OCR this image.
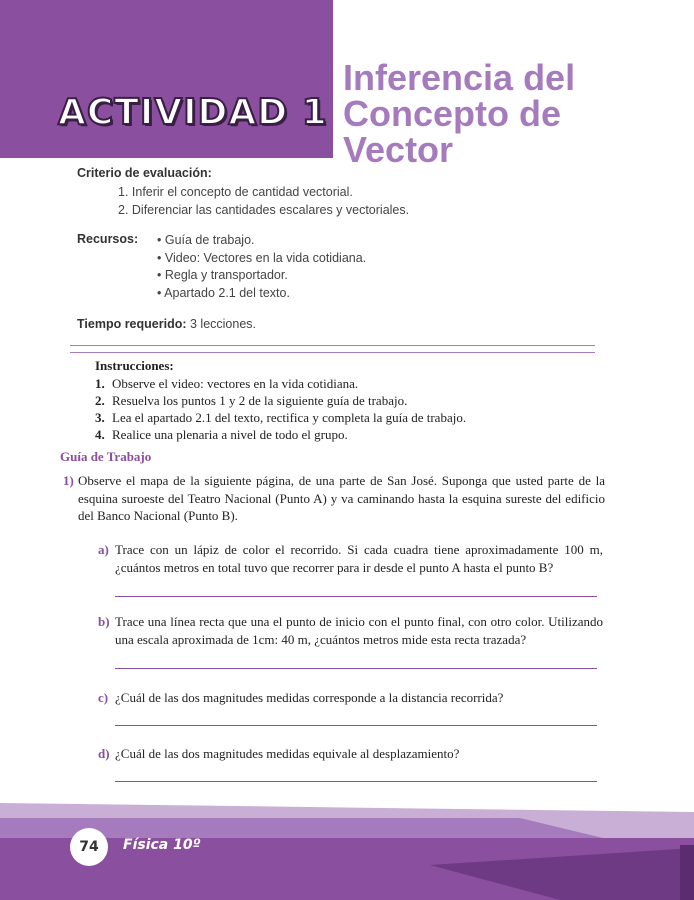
ACTIVIDAD 1
Inferencia del
Concepto de
Vector
Criterio de evaluación:
1. Inferir el concepto de cantidad vectorial.
2. Diferenciar las cantidades escalares y vectoriales.
Recursos:	• Guía de trabajo.
• Video: Vectores en la vida cotidiana.
• Regla y transportador.
• Apartado 2.1 del texto.
Tiempo requerido: 3 lecciones.
Instrucciones:
1. Observe el video: vectores en la vida cotidiana.
2. Resuelva los puntos 1 y 2 de la siguiente guía de trabajo.
3. Lea el apartado 2.1 del texto, rectifica y completa la guía de trabajo.
4. Realice una plenaria a nivel de todo el grupo.
Guía de Trabajo
1) Observe el mapa de la siguiente página, de una parte de San José. Suponga que usted parte de la esquina suroeste del Teatro Nacional (Punto A) y va caminando hasta la esquina sureste del edificio del Banco Nacional (Punto B).
a) Trace con un lápiz de color el recorrido. Si cada cuadra tiene aproximadamente 100 m, ¿cuántos metros en total tuvo que recorrer para ir desde el punto A hasta el punto B?
b) Trace una línea recta que una el punto de inicio con el punto final, con otro color. Utilizando una escala aproximada de 1cm: 40 m, ¿cuántos metros mide esta recta trazada?
c) ¿Cuál de las dos magnitudes medidas corresponde a la distancia recorrida?
d) ¿Cuál de las dos magnitudes medidas equivale al desplazamiento?
74	Física 10º
